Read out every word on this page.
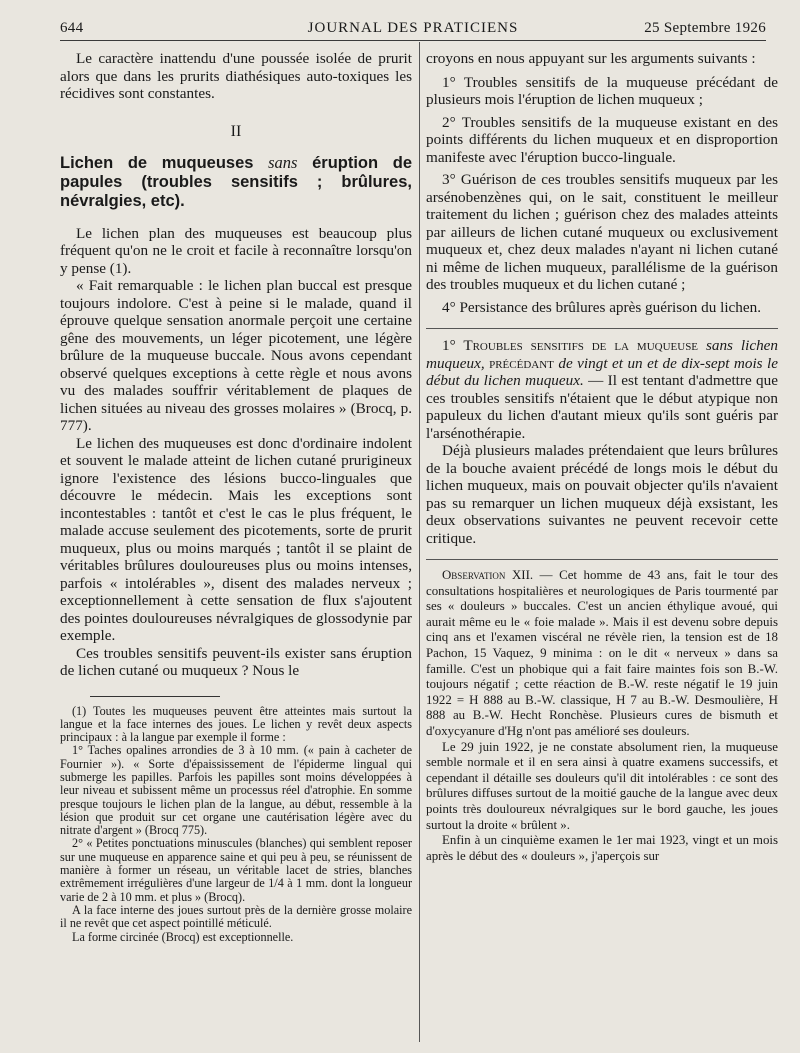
644	JOURNAL DES PRATICIENS	25 Septembre 1926

Le caractère inattendu d'une poussée isolée de prurit alors que dans les prurits diathésiques auto-toxiques les récidives sont constantes.

II
Lichen de muqueuses sans éruption de papules (troubles sensitifs ; brûlures, névralgies, etc).

Le lichen plan des muqueuses est beaucoup plus fréquent qu'on ne le croit et facile à reconnaître lorsqu'on y pense (1).

« Fait remarquable : le lichen plan buccal est presque toujours indolore. C'est à peine si le malade, quand il éprouve quelque sensation anormale perçoit une certaine gêne des mouvements, un léger picotement, une légère brûlure de la muqueuse buccale. Nous avons cependant observé quelques exceptions à cette règle et nous avons vu des malades souffrir véritablement de plaques de lichen situées au niveau des grosses molaires » (Brocq, p. 777).

Le lichen des muqueuses est donc d'ordinaire indolent et souvent le malade atteint de lichen cutané prurigineux ignore l'existence des lésions bucco-linguales que découvre le médecin. Mais les exceptions sont incontestables : tantôt et c'est le cas le plus fréquent, le malade accuse seulement des picotements, sorte de prurit muqueux, plus ou moins marqués ; tantôt il se plaint de véritables brûlures douloureuses plus ou moins intenses, parfois « intolérables », disent des malades nerveux ; exceptionnellement à cette sensation de flux s'ajoutent des pointes douloureuses névralgiques de glossodynie par exemple.

Ces troubles sensitifs peuvent-ils exister sans éruption de lichen cutané ou muqueux ? Nous le

(1) Toutes les muqueuses peuvent être atteintes mais surtout la langue et la face internes des joues. Le lichen y revêt deux aspects principaux : à la langue par exemple il forme :

1° Taches opalines arrondies de 3 à 10 mm. (« pain à cacheter de Fournier »). « Sorte d'épaississement de l'épiderme lingual qui submerge les papilles. Parfois les papilles sont moins développées à leur niveau et subissent même un processus réel d'atrophie. En somme presque toujours le lichen plan de la langue, au début, ressemble à la lésion que produit sur cet organe une cautérisation légère avec du nitrate d'argent » (Brocq 775).

2° « Petites ponctuations minuscules (blanches) qui semblent reposer sur une muqueuse en apparence saine et qui peu à peu, se réunissent de manière à former un réseau, un véritable lacet de stries, blanches extrêmement irrégulières d'une largeur de 1/4 à 1 mm. dont la longueur varie de 2 à 10 mm. et plus » (Brocq).

A la face interne des joues surtout près de la dernière grosse molaire il ne revêt que cet aspect pointillé méticulé.

La forme circinée (Brocq) est exceptionnelle.

croyons en nous appuyant sur les arguments suivants :

1° Troubles sensitifs de la muqueuse précédant de plusieurs mois l'éruption de lichen muqueux ;

2° Troubles sensitifs de la muqueuse existant en des points différents du lichen muqueux et en disproportion manifeste avec l'éruption bucco-linguale.

3° Guérison de ces troubles sensitifs muqueux par les arsénobenzènes qui, on le sait, constituent le meilleur traitement du lichen ; guérison chez des malades atteints par ailleurs de lichen cutané muqueux ou exclusivement muqueux et, chez deux malades n'ayant ni lichen cutané ni même de lichen muqueux, parallélisme de la guérison des troubles muqueux et du lichen cutané ;

4° Persistance des brûlures après guérison du lichen.

1° Troubles sensitifs de la muqueuse sans lichen muqueux, précédant de vingt et un et de dix-sept mois le début du lichen muqueux. — Il est tentant d'admettre que ces troubles sensitifs n'étaient que le début atypique non papuleux du lichen d'autant mieux qu'ils sont guéris par l'arsénothérapie.

Déjà plusieurs malades prétendaient que leurs brûlures de la bouche avaient précédé de longs mois le début du lichen muqueux, mais on pouvait objecter qu'ils n'avaient pas su remarquer un lichen muqueux déjà exsistant, les deux observations suivantes ne peuvent recevoir cette critique.

Observation XII. — Cet homme de 43 ans, fait le tour des consultations hospitalières et neurologiques de Paris tourmenté par ses « douleurs » buccales. C'est un ancien éthylique avoué, qui aurait même eu le « foie malade ». Mais il est devenu sobre depuis cinq ans et l'examen viscéral ne révèle rien, la tension est de 18 Pachon, 15 Vaquez, 9 minima : on le dit « nerveux » dans sa famille. C'est un phobique qui a fait faire maintes fois son B.-W. toujours négatif ; cette réaction de B.-W. reste négatif le 19 juin 1922 = H 888 au B.-W. classique, H 7 au B.-W. Desmoulière, H 888 au B.-W. Hecht Ronchèse. Plusieurs cures de bismuth et d'oxycyanure d'Hg n'ont pas amélioré ses douleurs.

Le 29 juin 1922, je ne constate absolument rien, la muqueuse semble normale et il en sera ainsi à quatre examens successifs, et cependant il détaille ses douleurs qu'il dit intolérables : ce sont des brûlures diffuses surtout de la moitié gauche de la langue avec deux points très douloureux névralgiques sur le bord gauche, les joues surtout la droite « brûlent ».

Enfin à un cinquième examen le 1er mai 1923, vingt et un mois après le début des « douleurs », j'aperçois sur
